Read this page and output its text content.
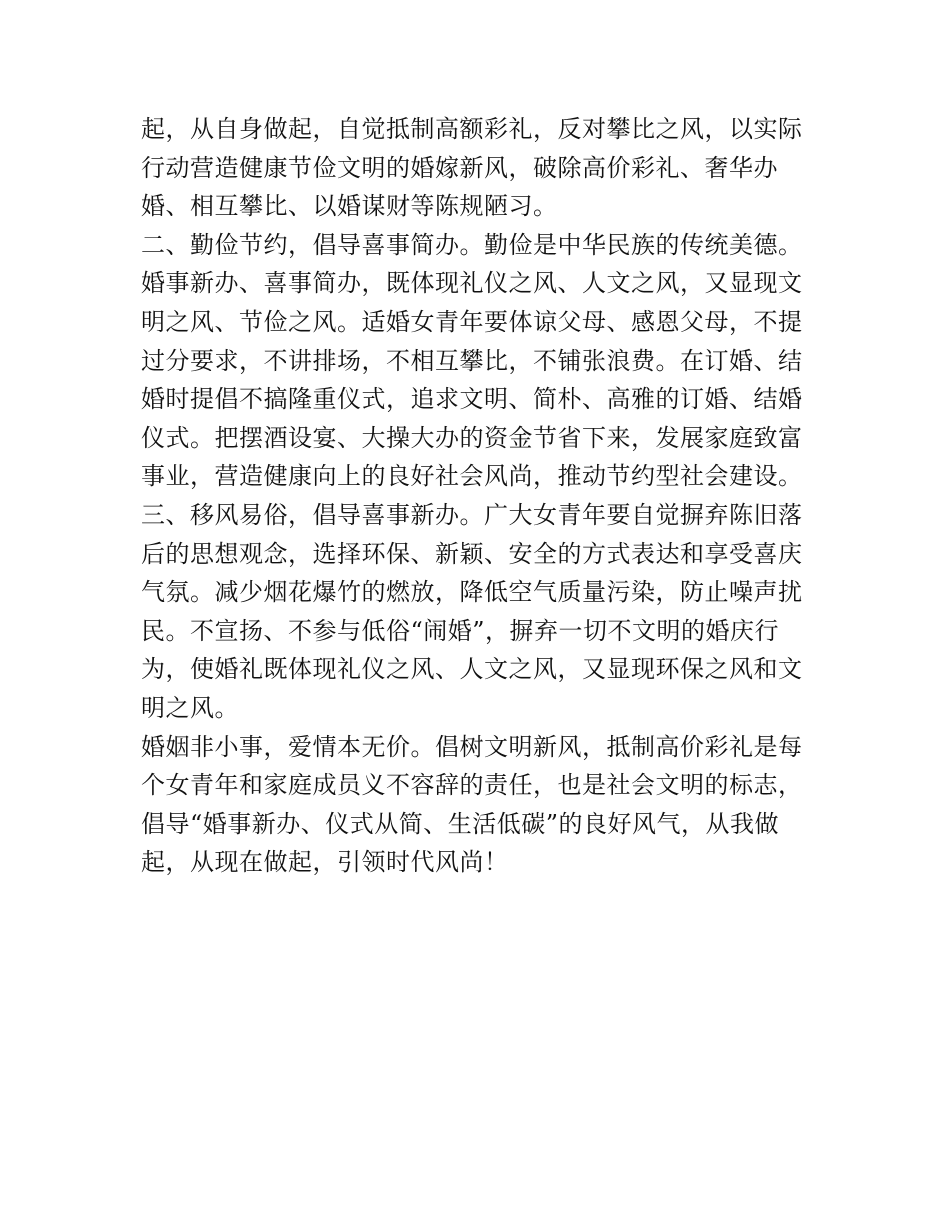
起，从自身做起，自觉抵制高额彩礼，反对攀比之风，以实际
行动营造健康节俭文明的婚嫁新风，破除高价彩礼、奢华办
婚、相互攀比、以婚谋财等陈规陋习。
二、勤俭节约，倡导喜事简办。勤俭是中华民族的传统美德。
婚事新办、喜事简办，既体现礼仪之风、人文之风，又显现文
明之风、节俭之风。适婚女青年要体谅父母、感恩父母，不提
过分要求，不讲排场，不相互攀比，不铺张浪费。在订婚、结
婚时提倡不搞隆重仪式，追求文明、简朴、高雅的订婚、结婚
仪式。把摆酒设宴、大操大办的资金节省下来，发展家庭致富
事业，营造健康向上的良好社会风尚，推动节约型社会建设。
三、移风易俗，倡导喜事新办。广大女青年要自觉摒弃陈旧落
后的思想观念，选择环保、新颖、安全的方式表达和享受喜庆
气氛。减少烟花爆竹的燃放，降低空气质量污染，防止噪声扰
民。不宣扬、不参与低俗“闹婚”，摒弃一切不文明的婚庆行
为，使婚礼既体现礼仪之风、人文之风，又显现环保之风和文
明之风。
婚姻非小事，爱情本无价。倡树文明新风，抵制高价彩礼是每
个女青年和家庭成员义不容辞的责任，也是社会文明的标志，
倡导“婚事新办、仪式从简、生活低碳”的良好风气，从我做
起，从现在做起，引领时代风尚！
